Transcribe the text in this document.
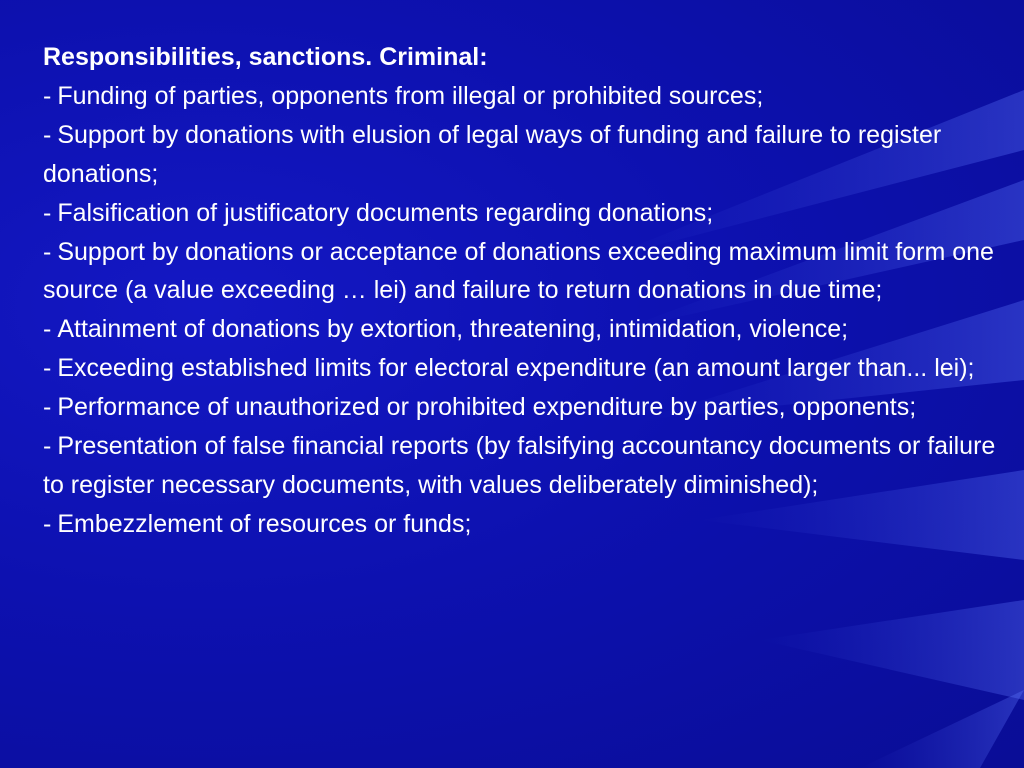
Responsibilities, sanctions. Criminal:

- Funding of parties, opponents from illegal or prohibited sources;

- Support by donations with elusion of legal ways of funding and failure to register donations;

- Falsification of justificatory documents regarding donations;

- Support by donations or acceptance of donations exceeding maximum limit form one source (a value exceeding … lei) and failure to return donations in due time;

- Attainment of donations by extortion, threatening, intimidation, violence;

- Exceeding established limits for electoral expenditure (an amount larger than... lei);

- Performance of unauthorized or prohibited expenditure by parties, opponents;

- Presentation of false financial reports (by falsifying accountancy documents or failure to register necessary documents, with values deliberately diminished);

- Embezzlement of resources or funds;
